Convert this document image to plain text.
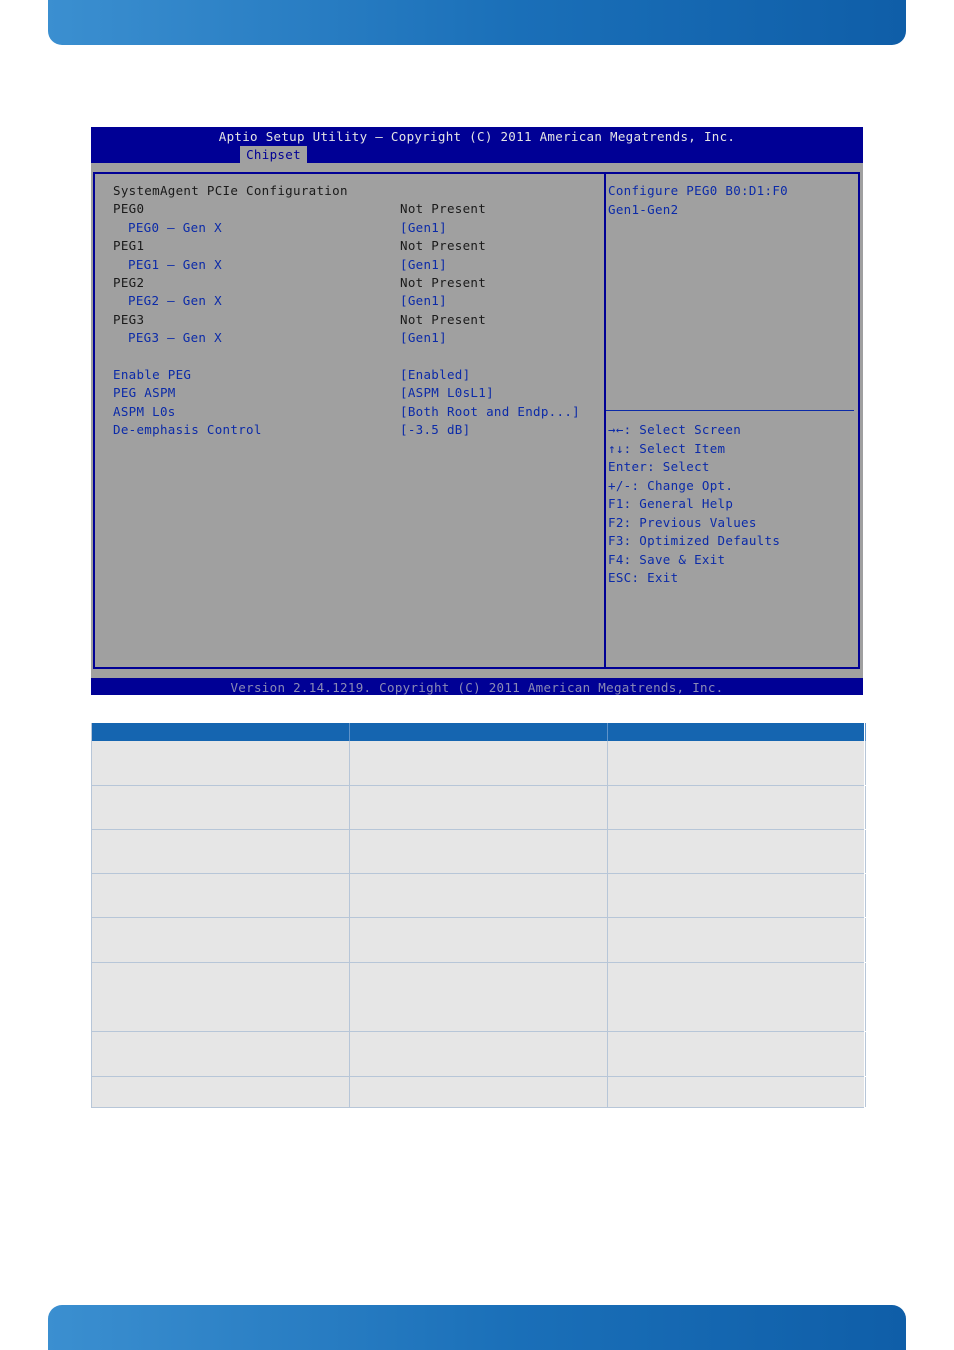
Aptio Setup Utility – Copyright (C) 2011 American Megatrends, Inc.
Chipset
SystemAgent PCIe Configuration
PEG0	Not Present
PEG0 – Gen X	[Gen1]
PEG1	Not Present
PEG1 – Gen X	[Gen1]
PEG2	Not Present
PEG2 – Gen X	[Gen1]
PEG3	Not Present
PEG3 – Gen X	[Gen1]
Enable PEG	[Enabled]
PEG ASPM	[ASPM L0sL1]
ASPM L0s	[Both Root and Endp...]
De-emphasis Control	[-3.5 dB]
Configure PEG0 B0:D1:F0
Gen1-Gen2
→←: Select Screen
↑↓: Select Item
Enter: Select
+/-: Change Opt.
F1: General Help
F2: Previous Values
F3: Optimized Defaults
F4: Save & Exit
ESC: Exit
Version 2.14.1219. Copyright (C) 2011 American Megatrends, Inc.
